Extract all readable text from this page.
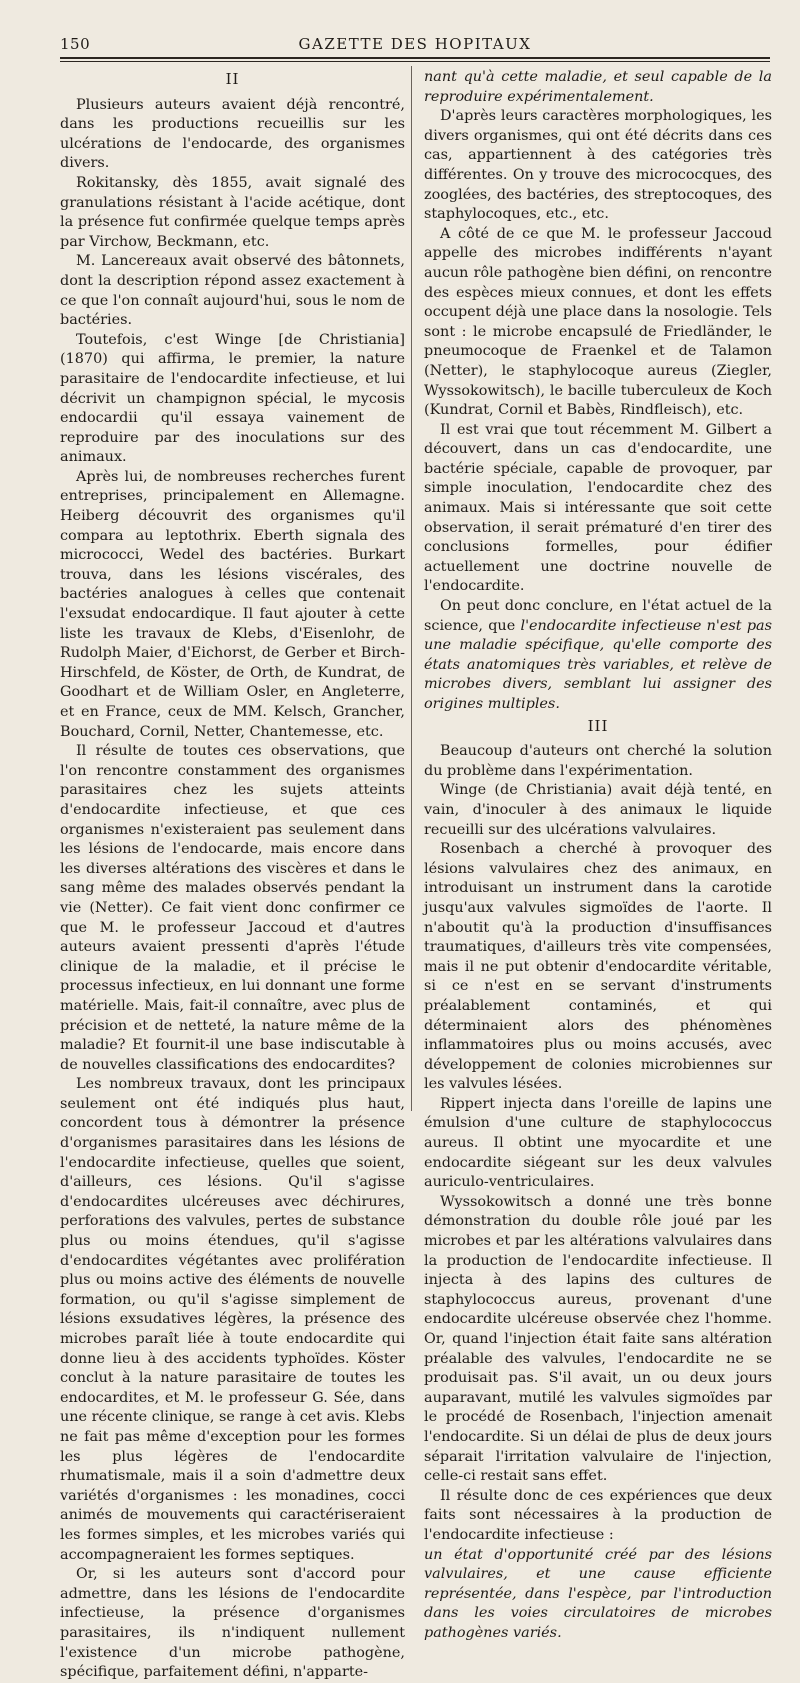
150	GAZETTE DES HOPITAUX
II

Plusieurs auteurs avaient déjà rencontré, dans les productions recueillis sur les ulcérations de l'endocarde, des organismes divers.

Rokitansky, dès 1855, avait signalé des granulations résistant à l'acide acétique, dont la présence fut confirmée quelque temps après par Virchow, Beckmann, etc.

M. Lancereaux avait observé des bâtonnets, dont la description répond assez exactement à ce que l'on connaît aujourd'hui, sous le nom de bactéries.

Toutefois, c'est Winge [de Christiania] (1870) qui affirma, le premier, la nature parasitaire de l'endocardite infectieuse, et lui décrivit un champignon spécial, le mycosis endocardii qu'il essaya vainement de reproduire par des inoculations sur des animaux.

Après lui, de nombreuses recherches furent entreprises, principalement en Allemagne. Heiberg découvrit des organismes qu'il compara au leptothrix. Eberth signala des micrococci, Wedel des bactéries. Burkart trouva, dans les lésions viscérales, des bactéries analogues à celles que contenait l'exsudat endocardique. Il faut ajouter à cette liste les travaux de Klebs, d'Eisenlohr, de Rudolph Maier, d'Eichorst, de Gerber et Birch-Hirschfeld, de Köster, de Orth, de Kundrat, de Goodhart et de William Osler, en Angleterre, et en France, ceux de MM. Kelsch, Grancher, Bouchard, Cornil, Netter, Chantemesse, etc.

Il résulte de toutes ces observations, que l'on rencontre constamment des organismes parasitaires chez les sujets atteints d'endocardite infectieuse, et que ces organismes n'existeraient pas seulement dans les lésions de l'endocarde, mais encore dans les diverses altérations des viscères et dans le sang même des malades observés pendant la vie (Netter). Ce fait vient donc confirmer ce que M. le professeur Jaccoud et d'autres auteurs avaient pressenti d'après l'étude clinique de la maladie, et il précise le processus infectieux, en lui donnant une forme matérielle. Mais, fait-il connaître, avec plus de précision et de netteté, la nature même de la maladie? Et fournit-il une base indiscutable à de nouvelles classifications des endocardites?

Les nombreux travaux, dont les principaux seulement ont été indiqués plus haut, concordent tous à démontrer la présence d'organismes parasitaires dans les lésions de l'endocardite infectieuse, quelles que soient, d'ailleurs, ces lésions. Qu'il s'agisse d'endocardites ulcéreuses avec déchirures, perforations des valvules, pertes de substance plus ou moins étendues, qu'il s'agisse d'endocardites végétantes avec prolifération plus ou moins active des éléments de nouvelle formation, ou qu'il s'agisse simplement de lésions exsudatives légères, la présence des microbes paraît liée à toute endocardite qui donne lieu à des accidents typhoïdes. Köster conclut à la nature parasitaire de toutes les endocardites, et M. le professeur G. Sée, dans une récente clinique, se range à cet avis. Klebs ne fait pas même d'exception pour les formes les plus légères de l'endocardite rhumatismale, mais il a soin d'admettre deux variétés d'organismes : les monadines, cocci animés de mouvements qui caractériseraient les formes simples, et les microbes variés qui accompagneraient les formes septiques.

Or, si les auteurs sont d'accord pour admettre, dans les lésions de l'endocardite infectieuse, la présence d'organismes parasitaires, ils n'indiquent nullement l'existence d'un microbe pathogène, spécifique, parfaitement défini, n'apparte-

nant qu'à cette maladie, et seul capable de la reproduire expérimentalement.

D'après leurs caractères morphologiques, les divers organismes, qui ont été décrits dans ces cas, appartiennent à des catégories très différentes. On y trouve des micrococques, des zooglées, des bactéries, des streptocoques, des staphylocoques, etc., etc.

A côté de ce que M. le professeur Jaccoud appelle des microbes indifférents n'ayant aucun rôle pathogène bien défini, on rencontre des espèces mieux connues, et dont les effets occupent déjà une place dans la nosologie. Tels sont : le microbe encapsulé de Friedländer, le pneumocoque de Fraenkel et de Talamon (Netter), le staphylocoque aureus (Ziegler, Wyssokowitsch), le bacille tuberculeux de Koch (Kundrat, Cornil et Babès, Rindfleisch), etc.

Il est vrai que tout récemment M. Gilbert a découvert, dans un cas d'endocardite, une bactérie spéciale, capable de provoquer, par simple inoculation, l'endocardite chez des animaux. Mais si intéressante que soit cette observation, il serait prématuré d'en tirer des conclusions formelles, pour édifier actuellement une doctrine nouvelle de l'endocardite.

On peut donc conclure, en l'état actuel de la science, que l'endocardite infectieuse n'est pas une maladie spécifique, qu'elle comporte des états anatomiques très variables, et relève de microbes divers, semblant lui assigner des origines multiples.

III

Beaucoup d'auteurs ont cherché la solution du problème dans l'expérimentation.

Winge (de Christiania) avait déjà tenté, en vain, d'inoculer à des animaux le liquide recueilli sur des ulcérations valvulaires.

Rosenbach a cherché à provoquer des lésions valvulaires chez des animaux, en introduisant un instrument dans la carotide jusqu'aux valvules sigmoïdes de l'aorte. Il n'aboutit qu'à la production d'insuffisances traumatiques, d'ailleurs très vite compensées, mais il ne put obtenir d'endocardite véritable, si ce n'est en se servant d'instruments préalablement contaminés, et qui déterminaient alors des phénomènes inflammatoires plus ou moins accusés, avec développement de colonies microbiennes sur les valvules lésées.

Rippert injecta dans l'oreille de lapins une émulsion d'une culture de staphylococcus aureus. Il obtint une myocardite et une endocardite siégeant sur les deux valvules auriculo-ventriculaires.

Wyssokowitsch a donné une très bonne démonstration du double rôle joué par les microbes et par les altérations valvulaires dans la production de l'endocardite infectieuse. Il injecta à des lapins des cultures de staphylococcus aureus, provenant d'une endocardite ulcéreuse observée chez l'homme. Or, quand l'injection était faite sans altération préalable des valvules, l'endocardite ne se produisait pas. S'il avait, un ou deux jours auparavant, mutilé les valvules sigmoïdes par le procédé de Rosenbach, l'injection amenait l'endocardite. Si un délai de plus de deux jours séparait l'irritation valvulaire de l'injection, celle-ci restait sans effet.

Il résulte donc de ces expériences que deux faits sont nécessaires à la production de l'endocardite infectieuse :

un état d'opportunité créé par des lésions valvulaires, et une cause efficiente représentée, dans l'espèce, par l'introduction dans les voies circulatoires de microbes pathogènes variés.
